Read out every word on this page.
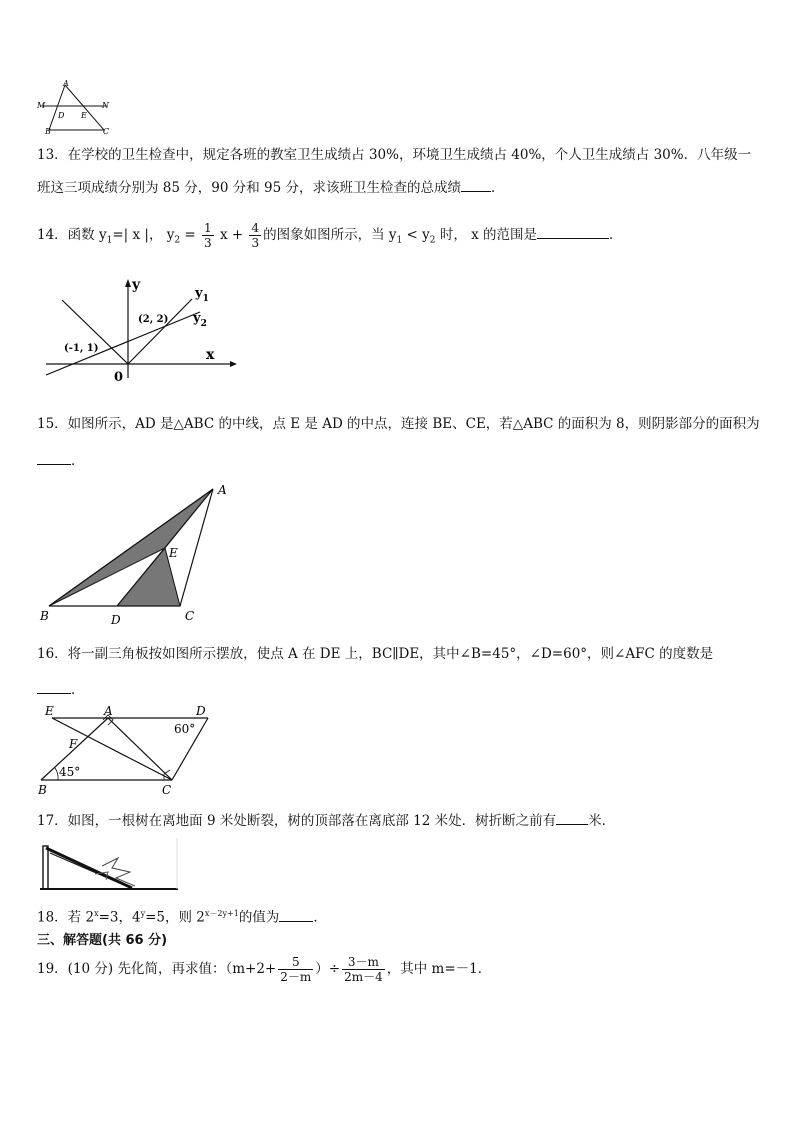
A
M	N
D E
B	C
13．在学校的卫生检查中，规定各班的教室卫生成绩占 30%，环境卫生成绩占 40%，个人卫生成绩占 30%．八年级一
班这三项成绩分别为 85 分，90 分和 95 分，求该班卫生检查的总成绩 ．
14．函数 $y_1=|$ x |， $y_2 = \frac{1}{3}$ $x + \frac{4}{3}$ 的图象如图所示，当 $y_1 < y_2$ 时， x 的范围是	．
y
x
0
(-1, 1)
(2, 2)
$y_1$
$y_2$
15．如图所示，AD 是△ABC 的中线，点 E 是 AD 的中点，连接 BE、CE，若△ABC 的面积为 8，则阴影部分的面积为
．
A
E
B	D	C
16．将一副三角板按如图所示摆放，使点 A 在 DE 上，BC∥DE，其中∠B=45°，∠D=60°，则∠AFC 的度数是
．
E	A	D
60°
F
45°
B	C
17．如图，一根树在离地面 9 米处断裂，树的顶部落在离底部 12 米处．树折断之前有 米．
18．若 $2^x=3$，$4^y=5$，则 $2^{x-2y+1}$的值为	．
三、解答题(共 66 分)
19．(10 分) 先化简，再求值：（$m+2+ \frac{5}{2-m}$ ）÷ $\frac{3-m}{2m-4}$ ，其中 m=－1．
